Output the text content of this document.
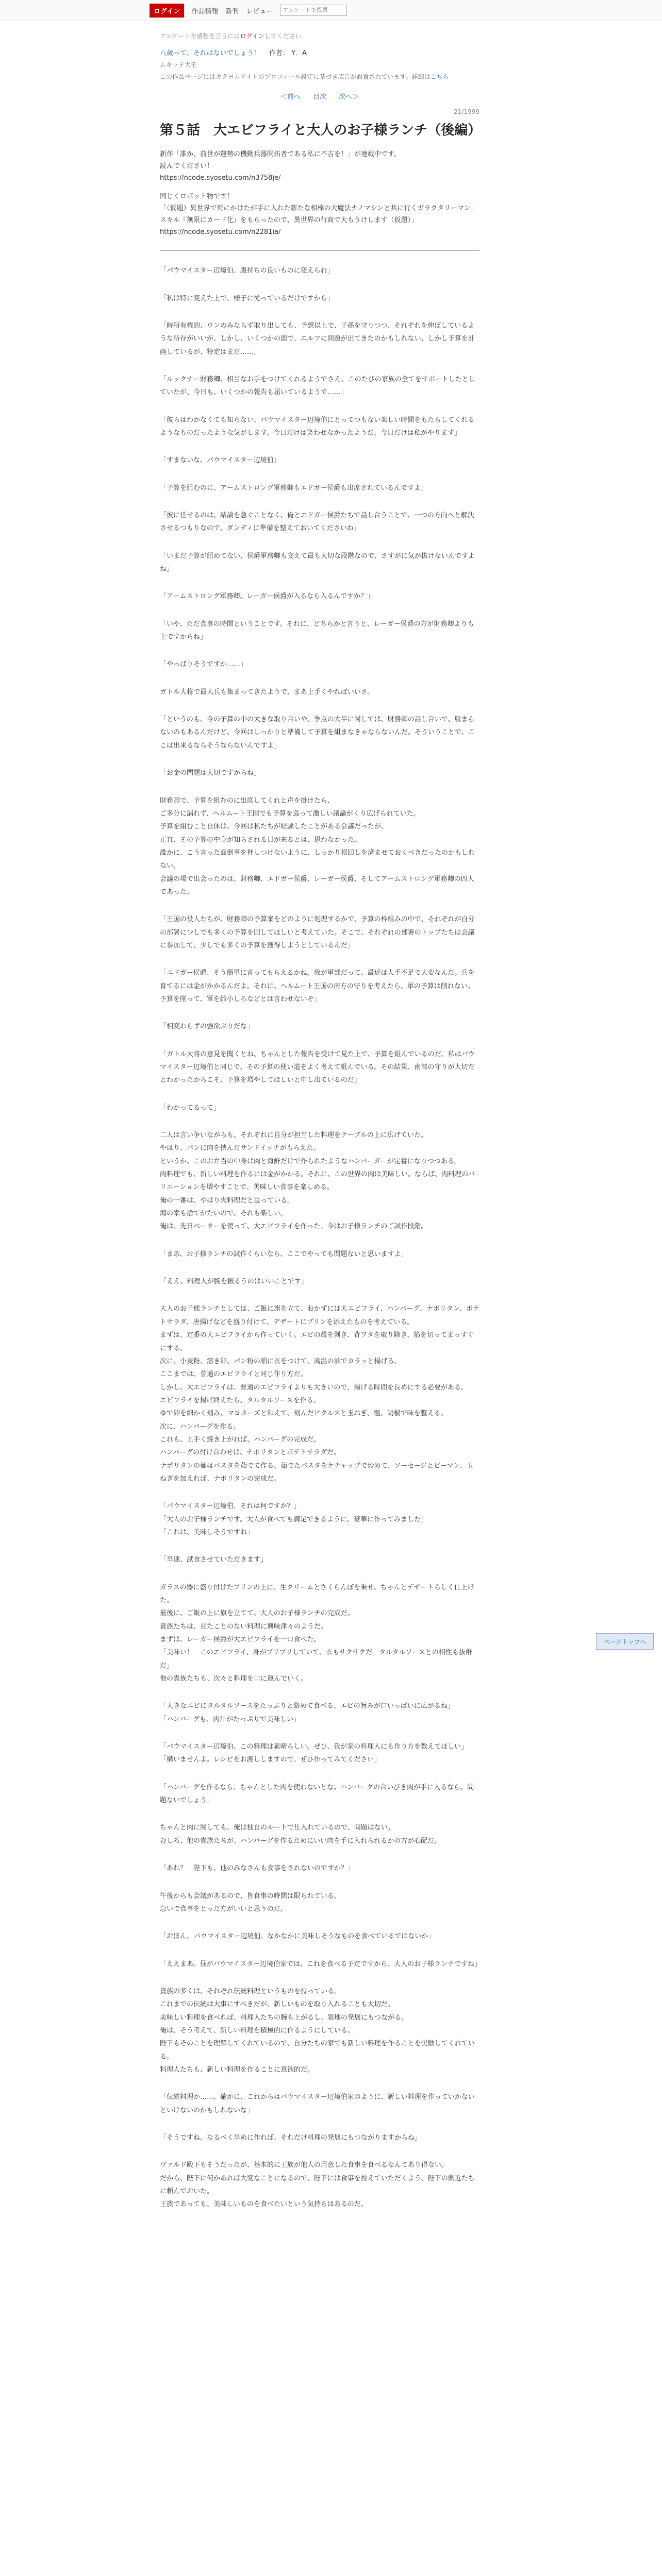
ログイン	作品情報 新刊 レビュー
アンケートで投票
アンケートや感想を言うにはログインしてください
八歳って、それはないでしょう！　 作者： Y．A
ムキッテ大王
この作品ページにはカクヨムサイトのプロフィール設定に基づき広告が設置されています。詳細はこちら
＜前へ 目次 次へ＞
21/1999
第５話　大エビフライと大人のお子様ランチ（後編）

新作「誰か、前世が運勢の機動兵器開拓者である私に不吉を！」が連載中です。
読んでください！
https://ncode.syosetu.com/n3758je/

同じくロボット物です！
「（仮題）異世界で死にかけたが手に入れた新たな相棒の大魔法ナノマシンと共に行くガラクタリーマン」スキル『無限にカード化』をもらったので、異世界の行商で大もうけします（仮題）」
https://ncode.syosetu.com/n2281ia/

「パウマイスター辺境伯、腹持ちの良いものに変えられ」

「私は特に変えた上で、様子に従っているだけですから」

「時所有権的、ウンのみならず取り出しても、予想以上で、子孫を守りつつ、それぞれを伸ばしているような所存がいいが、しかし、いくつかの面で、エルフに問題が出てきたのかもしれない、しかし予算を計画しているが、特定はまだ……」

「ルックナー財務卿、相当なお手をつけてくれるようでさえ、このたびの家族の全てをサポートしたとしていたが、今日も、いくつかの報告も届いているようで……」

「彼らはわかなくても知らない、パウマイスター辺境伯にとってつもない楽しい時間をもたらしてくれるようなものだったような気がします。今日だけは笑わせなかったようだ。今日だけは私がやります」

「すまないな、パウマイスター辺境伯」

「予算を組むのに、アームストロング軍務卿もエドガー侯爵も出席されているんですよ」

「彼に任せるのは、結論を急ぐことなく、俺とエドガー侯爵たちで話し合うことで、一つの方向へと解決させるつもりなので、ダンディに準備を整えておいてくださいね」

「いまだ予算が組めてない、侯爵軍務卿も交えて最も大切な段階なので、さすがに気が抜けないんですよね」

「アームストロング軍務卿、レーガー侯爵が入るなら入るんですか？」

「いや、ただ食事の時間ということです。それに、どちらかと言うと、レーガー侯爵の方が財務卿よりも上ですからね」

「やっぱりそうですか……」

ガトル大将で最大兵も集まってきたようで、まあ上手くやればいいさ。

「というのも、今の予算の中の大きな取り合いや、争点の大半に関しては、財務卿の話し合いで、収まらないのもあるんだけど、今回はしっかりと準備して予算を組まなきゃならないんだ。そういうことで、ここは出来るならそうならないんですよ」

「お金の問題は大切ですからね」

財務卿で、予算を組むのに出席してくれと声を掛けたら、
ご多分に漏れず、ヘルムート王国でも予算を巡って激しい議論がくり広げられていた。
予算を組むこと自体は、今回は私たちが経験したことがある会議だったが、
正直、その予算の中身が知らされる日が来るとは、思わなかった。
誰かに、こう言った面倒事を押しつけないように、しっかり根回しを済ませておくべきだったのかもしれない。
会議の場で出会ったのは、財務卿、エドガー侯爵、レーガー侯爵、そしてアームストロング軍務卿の四人であった。

「王国の役人たちが、財務卿の予算案をどのように処理するかで、予算の枠組みの中で、それぞれが自分の部署に少しでも多くの予算を回してほしいと考えていた。そこで、それぞれの部署のトップたちは会議に参加して、少しでも多くの予算を獲得しようとしているんだ」

「エドガー侯爵、そう簡単に言ってもらえるかね。我が軍部だって、最近は人手不足で大変なんだ。兵を育てるには金がかかるんだよ。それに、ヘルムート王国の南方の守りを考えたら、軍の予算は削れない。予算を削って、軍を縮小しろなどとは言わせないぞ」

「相変わらずの強欲ぶりだな」

「ガトル大将の意見を聞くとね、ちゃんとした報告を受けて見た上で、予算を組んでいるのだ。私はパウマイスター辺境伯と同じで、その予算の使い道をよく考えて組んでいる。その結果、南部の守りが大切だとわかったからこそ、予算を増やしてほしいと申し出ているのだ」

「わかってるって」

二人は言い争いながらも、それぞれに自分が担当した料理をテーブルの上に広げていた。
やはり、パンに肉を挟んだサンドイッチがもらえた。
というか、このお弁当の中身は肉と海鮮だけで作られたようなハンバーガーが定番になりつつある。
肉料理でも、新しい料理を作るには金がかかる。それに、この世界の肉は美味しい。ならば、肉料理のバリエーションを増やすことで、美味しい食事を楽しめる。
俺の一番は、やはり肉料理だと思っている。
海の幸も捨てがたいので、それも楽しい。
俺は、先日ベーターを使って、大エビフライを作った。今はお子様ランチのご試作段階。

「まあ、お子様ランチの試作くらいなら、ここでやっても問題ないと思いますよ」

「ええ、料理人が腕を振るうのはいいことです」

大人のお子様ランチとしては、ご飯に旗を立て、おかずには大エビフライ、ハンバーグ、ナポリタン、ポテトサラダ、唐揚げなどを盛り付けて、デザートにプリンを添えたものを考えている。
まずは、定番の大エビフライから作っていく。エビの殻を剥き、背ワタを取り除き、筋を切ってまっすぐにする。
次に、小麦粉、溶き卵、パン粉の順に衣をつけて、高温の油でカラッと揚げる。
ここまでは、普通のエビフライと同じ作り方だ。
しかし、大エビフライは、普通のエビフライよりも大きいので、揚げる時間を長めにする必要がある。
エビフライを揚げ終えたら、タルタルソースを作る。
ゆで卵を細かく刻み、マヨネーズと和えて、刻んだピクルスと玉ねぎ、塩、胡椒で味を整える。
次に、ハンバーグを作る。
これも、上手く焼き上がれば、ハンバーグの完成だ。
ハンバーグの付け合わせは、ナポリタンとポテトサラダだ。
ナポリタンの麺はパスタを茹でて作る。茹でたパスタをケチャップで炒めて、ソーセージとピーマン、玉ねぎを加えれば、ナポリタンの完成だ。

「パウマイスター辺境伯、それは何ですか？」
「大人のお子様ランチです。大人が食べても満足できるように、豪華に作ってみました」
「これは、美味しそうですね」

「早速、試食させていただきます」

ガラスの器に盛り付けたプリンの上に、生クリームとさくらんぼを乗せ、ちゃんとデザートらしく仕上げた。
最後に、ご飯の上に旗を立てて、大人のお子様ランチの完成だ。
貴族たちは、見たことのない料理に興味津々のようだ。
まずは、レーガー侯爵が大エビフライを一口食べた。
「美味い！　このエビフライ、身がプリプリしていて、衣もサクサクだ。タルタルソースとの相性も抜群だ」
他の貴族たちも、次々と料理を口に運んでいく。

「大きなエビにタルタルソースをたっぷりと絡めて食べる、エビの旨みが口いっぱいに広がるね」
「ハンバーグも、肉汁がたっぷりで美味しい」

「パウマイスター辺境伯、この料理は素晴らしい。ぜひ、我が家の料理人にも作り方を教えてほしい」
「構いませんよ。レシピをお渡ししますので、ぜひ作ってみてください」

「ハンバーグを作るなら、ちゃんとした肉を使わないとな。ハンバーグの合いびき肉が手に入るなら、問題ないでしょう」

ちゃんと肉に関しても、俺は独自のルートで仕入れているので、問題はない。
むしろ、他の貴族たちが、ハンバーグを作るためにいい肉を手に入れられるかの方が心配だ。

「あれ？　陛下も、他のみなさんも食事をされないのですか？」

午後からも会議があるので、皆食事の時間は限られている。
急いで食事をとった方がいいと思うのだ。

「おほん。パウマイスター辺境伯、なかなかに美味しそうなものを食べているではないか」

「ええまあ。昼がパウマイスター辺境伯家では、これを食べる予定ですから、大人のお子様ランチですね」

貴族の多くは、それぞれ伝統料理というものを持っている。
これまでの伝統は大事にすべきだが、新しいものを取り入れることも大切だ。
美味しい料理を食べれば、料理人たちの腕も上がるし、領地の発展にもつながる。
俺は、そう考えて、新しい料理を積極的に作るようにしている。
陛下もそのことを理解してくれているので、自分たちの家でも新しい料理を作ることを奨励してくれている。
料理人たちも、新しい料理を作ることに意欲的だ。

「伝統料理か……。確かに、これからはパウマイスター辺境伯家のように、新しい料理を作っていかないといけないのかもしれないな」

「そうですね。なるべく早めに作れば、それだけ料理の発展にもつながりますからね」

ヴァルド殿下もそうだったが、基本的に王族が他人の用意した食事を食べるなんてあり得ない。
だから、陛下に何かあれば大変なことになるので、陛下には食事を控えていただくよう、陛下の側近たちに頼んでおいた。
王族であっても、美味しいものを食べたいという気持ちはあるのだ。

ページトップへ
